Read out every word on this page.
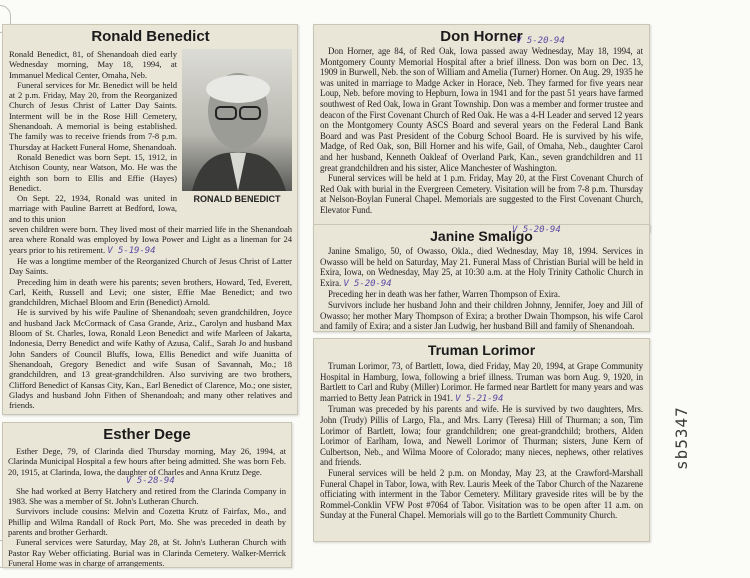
Ronald Benedict

Ronald Benedict, 81, of Shenandoah died early Wednesday morning, May 18, 1994, at Immanuel Medical Center, Omaha, Neb.

Funeral services for Mr. Benedict will be held at 2 p.m. Friday, May 20, from the Reorganized Church of Jesus Christ of Latter Day Saints. Interment will be in the Rose Hill Cemetery, Shenandoah. A memorial is being established. The family was to receive friends from 7-8 p.m. Thursday at Hackett Funeral Home, Shenandoah.

Ronald Benedict was born Sept. 15, 1912, in Atchison County, near Watson, Mo. He was the eighth son born to Ellis and Effie (Hayes) Benedict.

On Sept. 22, 1934, Ronald was united in marriage with Pauline Barrett at Bedford, Iowa, and to this union

RONALD BENEDICT

seven children were born. They lived most of their married life in the Shenandoah area where Ronald was employed by Iowa Power and Light as a lineman for 24 years prior to his retirement. V 5-19-94

He was a longtime member of the Reorganized Church of Jesus Christ of Latter Day Saints.

Preceding him in death were his parents; seven brothers, Howard, Ted, Everett, Carl, Keith, Russell and Levi; one sister, Effie Mae Benedict; and two grandchildren, Michael Bloom and Erin (Benedict) Arnold.

He is survived by his wife Pauline of Shenandoah; seven grandchildren, Joyce and husband Jack McCormack of Casa Grande, Ariz., Carolyn and husband Max Bloom of St. Charles, Iowa, Ronald Leon Benedict and wife Marleen of Jakarta, Indonesia, Derry Benedict and wife Kathy of Azusa, Calif., Sarah Jo and husband John Sanders of Council Bluffs, Iowa, Ellis Benedict and wife Juanitta of Shenandoah, Gregory Benedict and wife Susan of Savannah, Mo.; 18 grandchildren, and 13 great-grandchildren. Also surviving are two brothers, Clifford Benedict of Kansas City, Kan., Earl Benedict of Clarence, Mo.; one sister, Gladys and husband John Fithen of Shenandoah; and many other relatives and friends.

Esther Dege

Esther Dege, 79, of Clarinda died Thursday morning, May 26, 1994, at Clarinda Municipal Hospital a few hours after being admitted. She was born Feb. 20, 1915, at Clarinda, Iowa, the daughter of Charles and Anna Krutz Dege.

V 5-28-94

She had worked at Berry Hatchery and retired from the Clarinda Company in 1983. She was a member of St. John's Lutheran Church.

Survivors include cousins: Melvin and Cozetta Krutz of Fairfax, Mo., and Phillip and Wilma Randall of Rock Port, Mo. She was preceded in death by parents and brother Gerhardt.

Funeral services were Saturday, May 28, at St. John's Lutheran Church with Pastor Ray Weber officiating. Burial was in Clarinda Cemetery. Walker-Merrick Funeral Home was in charge of arrangements.

Don Horner
V 5-20-94

Don Horner, age 84, of Red Oak, Iowa passed away Wednesday, May 18, 1994, at Montgomery County Memorial Hospital after a brief illness. Don was born on Dec. 13, 1909 in Burwell, Neb. the son of William and Amelia (Turner) Horner. On Aug. 29, 1935 he was united in marriage to Madge Acker in Horace, Neb. They farmed for five years near Loup, Neb. before moving to Hepburn, Iowa in 1941 and for the past 51 years have farmed southwest of Red Oak, Iowa in Grant Township. Don was a member and former trustee and deacon of the First Covenant Church of Red Oak. He was a 4-H Leader and served 12 years on the Montgomery County ASCS Board and several years on the Federal Land Bank Board and was Past President of the Coburg School Board. He is survived by his wife, Madge, of Red Oak, son, Bill Horner and his wife, Gail, of Omaha, Neb., daughter Carol and her husband, Kenneth Oakleaf of Overland Park, Kan., seven grandchildren and 11 great grandchildren and his sister, Alice Manchester of Washington.

Funeral services will be held at 1 p.m. Friday, May 20, at the First Covenant Church of Red Oak with burial in the Evergreen Cemetery. Visitation will be from 7-8 p.m. Thursday at Nelson-Boylan Funeral Chapel. Memorials are suggested to the First Covenant Church, Elevator Fund.

Janine Smaligo
V 5-20-94

Janine Smaligo, 50, of Owasso, Okla., died Wednesday, May 18, 1994. Services in Owasso will be held on Saturday, May 21. Funeral Mass of Christian Burial will be held in Exira, Iowa, on Wednesday, May 25, at 10:30 a.m. at the Holy Trinity Catholic Church in Exira. V 5-20-94

Preceding her in death was her father, Warren Thompson of Exira.

Survivors include her husband John and their children Johnny, Jennifer, Joey and Jill of Owasso; her mother Mary Thompson of Exira; a brother Dwain Thompson, his wife Carol and family of Exira; and a sister Jan Ludwig, her husband Bill and family of Shenandoah.

Truman Lorimor

Truman Lorimor, 73, of Bartlett, Iowa, died Friday, May 20, 1994, at Grape Community Hospital in Hamburg, Iowa, following a brief illness. Truman was born Aug. 9, 1920, in Bartlett to Carl and Ruby (Miller) Lorimor. He farmed near Bartlett for many years and was married to Betty Jean Patrick in 1941. V 5-21-94

Truman was preceded by his parents and wife. He is survived by two daughters, Mrs. John (Trudy) Pillis of Largo, Fla., and Mrs. Larry (Teresa) Hill of Thurman; a son, Tim Lorimor of Bartlett, Iowa; four grandchildren; one great-grandchild; brothers, Alden Lorimor of Earlham, Iowa, and Newell Lorimor of Thurman; sisters, June Kern of Culbertson, Neb., and Wilma Moore of Colorado; many nieces, nephews, other relatives and friends.

Funeral services will be held 2 p.m. on Monday, May 23, at the Crawford-Marshall Funeral Chapel in Tabor, Iowa, with Rev. Lauris Meek of the Tabor Church of the Nazarene officiating with interment in the Tabor Cemetery. Military graveside rites will be by the Rommel-Conklin VFW Post #7064 of Tabor. Visitation was to be open after 11 a.m. on Sunday at the Funeral Chapel. Memorials will go to the Bartlett Community Church.

sb5347
